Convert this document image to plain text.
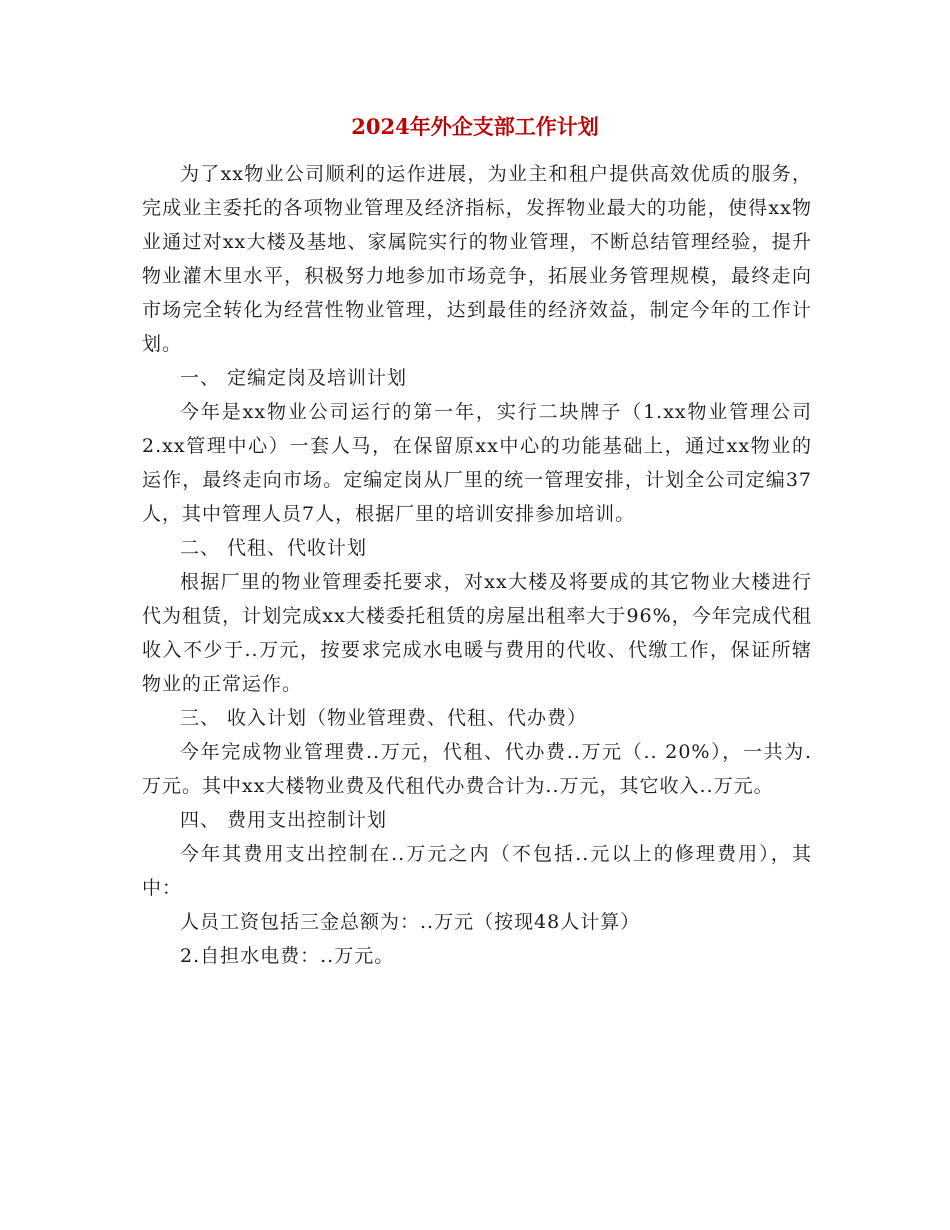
2024年外企支部工作计划

为了xx物业公司顺利的运作进展，为业主和租户提供高效优质的服务，完成业主委托的各项物业管理及经济指标，发挥物业最大的功能，使得xx物业通过对xx大楼及基地、家属院实行的物业管理，不断总结管理经验，提升物业灌木里水平，积极努力地参加市场竞争，拓展业务管理规模，最终走向市场完全转化为经营性物业管理，达到最佳的经济效益，制定今年的工作计划。

一、 定编定岗及培训计划

今年是xx物业公司运行的第一年，实行二块牌子（1.xx物业管理公司 2.xx管理中心）一套人马，在保留原xx中心的功能基础上，通过xx物业的运作，最终走向市场。定编定岗从厂里的统一管理安排，计划全公司定编37人，其中管理人员7人，根据厂里的培训安排参加培训。

二、 代租、代收计划

根据厂里的物业管理委托要求，对xx大楼及将要成的其它物业大楼进行代为租赁，计划完成xx大楼委托租赁的房屋出租率大于96%，今年完成代租收入不少于..万元，按要求完成水电暖与费用的代收、代缴工作，保证所辖物业的正常运作。

三、 收入计划（物业管理费、代租、代办费）

今年完成物业管理费..万元，代租、代办费..万元（.. 20%），一共为.万元。其中xx大楼物业费及代租代办费合计为..万元，其它收入..万元。

四、 费用支出控制计划

今年其费用支出控制在..万元之内（不包括..元以上的修理费用），其中：

人员工资包括三金总额为：..万元（按现48人计算）

2.自担水电费：..万元。
